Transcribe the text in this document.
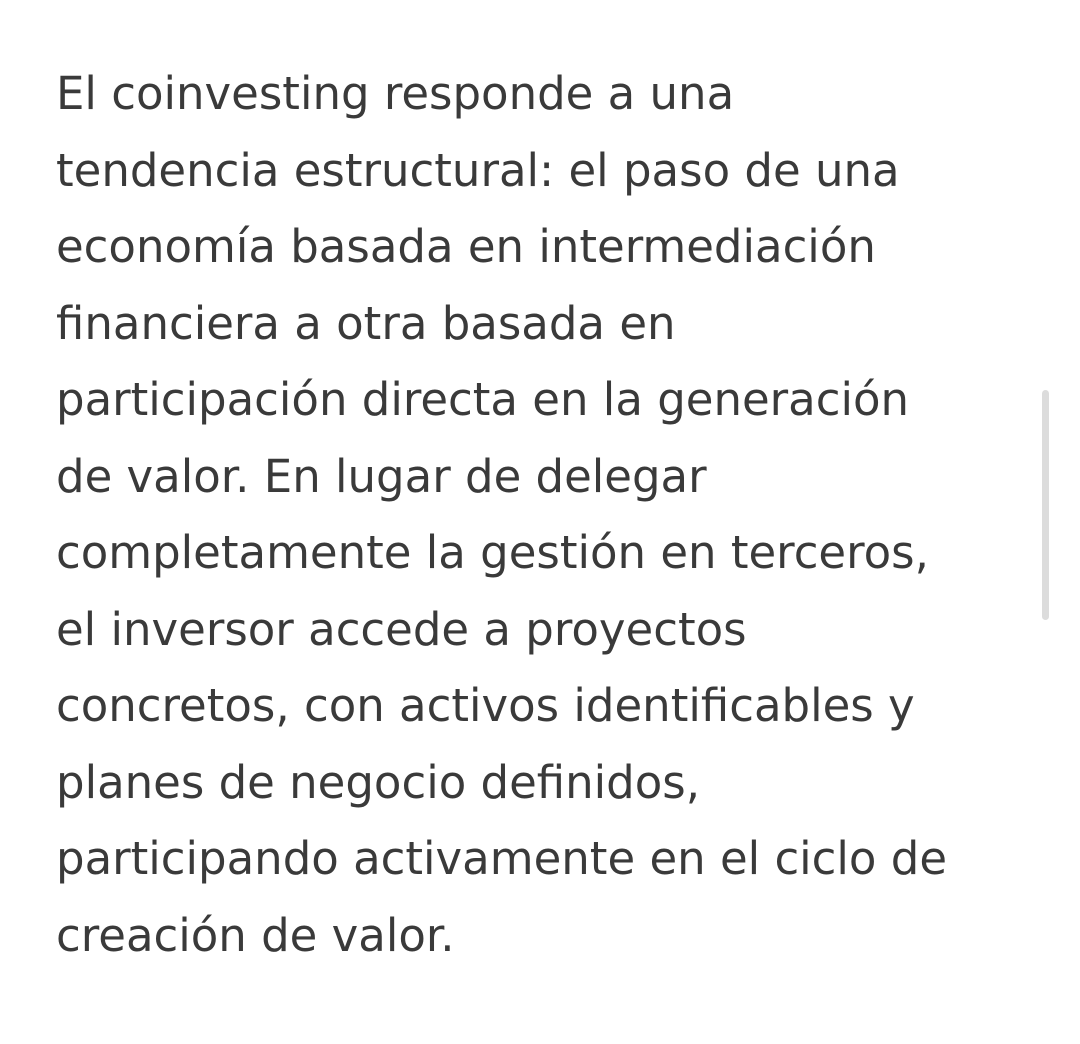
El coinvesting responde a una
tendencia estructural: el paso de una
economía basada en intermediación
financiera a otra basada en
participación directa en la generación
de valor. En lugar de delegar
completamente la gestión en terceros,
el inversor accede a proyectos
concretos, con activos identificables y
planes de negocio definidos,
participando activamente en el ciclo de
creación de valor.
